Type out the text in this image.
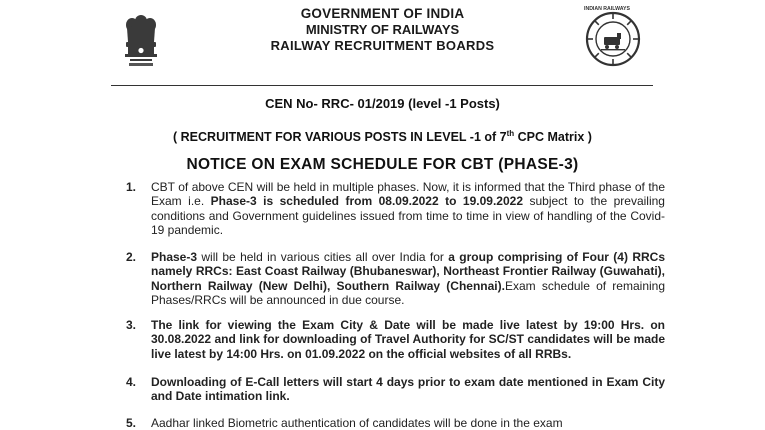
INDIAN RAILWAYS
GOVERNMENT OF INDIA
MINISTRY OF RAILWAYS
RAILWAY RECRUITMENT BOARDS
CEN No- RRC- 01/2019 (level -1 Posts)
( RECRUITMENT FOR VARIOUS POSTS IN LEVEL -1 of 7th CPC Matrix )
NOTICE ON EXAM SCHEDULE FOR CBT (PHASE-3)
1. CBT of above CEN will be held in multiple phases. Now, it is informed that the Third phase of the Exam i.e. Phase-3 is scheduled from 08.09.2022 to 19.09.2022 subject to the prevailing conditions and Government guidelines issued from time to time in view of handling of the Covid-19 pandemic.
2. Phase-3 will be held in various cities all over India for a group comprising of Four (4) RRCs namely RRCs: East Coast Railway (Bhubaneswar), Northeast Frontier Railway (Guwahati), Northern Railway (New Delhi), Southern Railway (Chennai).Exam schedule of remaining Phases/RRCs will be announced in due course.
3. The link for viewing the Exam City & Date will be made live latest by 19:00 Hrs. on 30.08.2022 and link for downloading of Travel Authority for SC/ST candidates will be made live latest by 14:00 Hrs. on 01.09.2022 on the official websites of all RRBs.
4. Downloading of E-Call letters will start 4 days prior to exam date mentioned in Exam City and Date intimation link.
5. Aadhar linked Biometric authentication of candidates will be done in the exam
